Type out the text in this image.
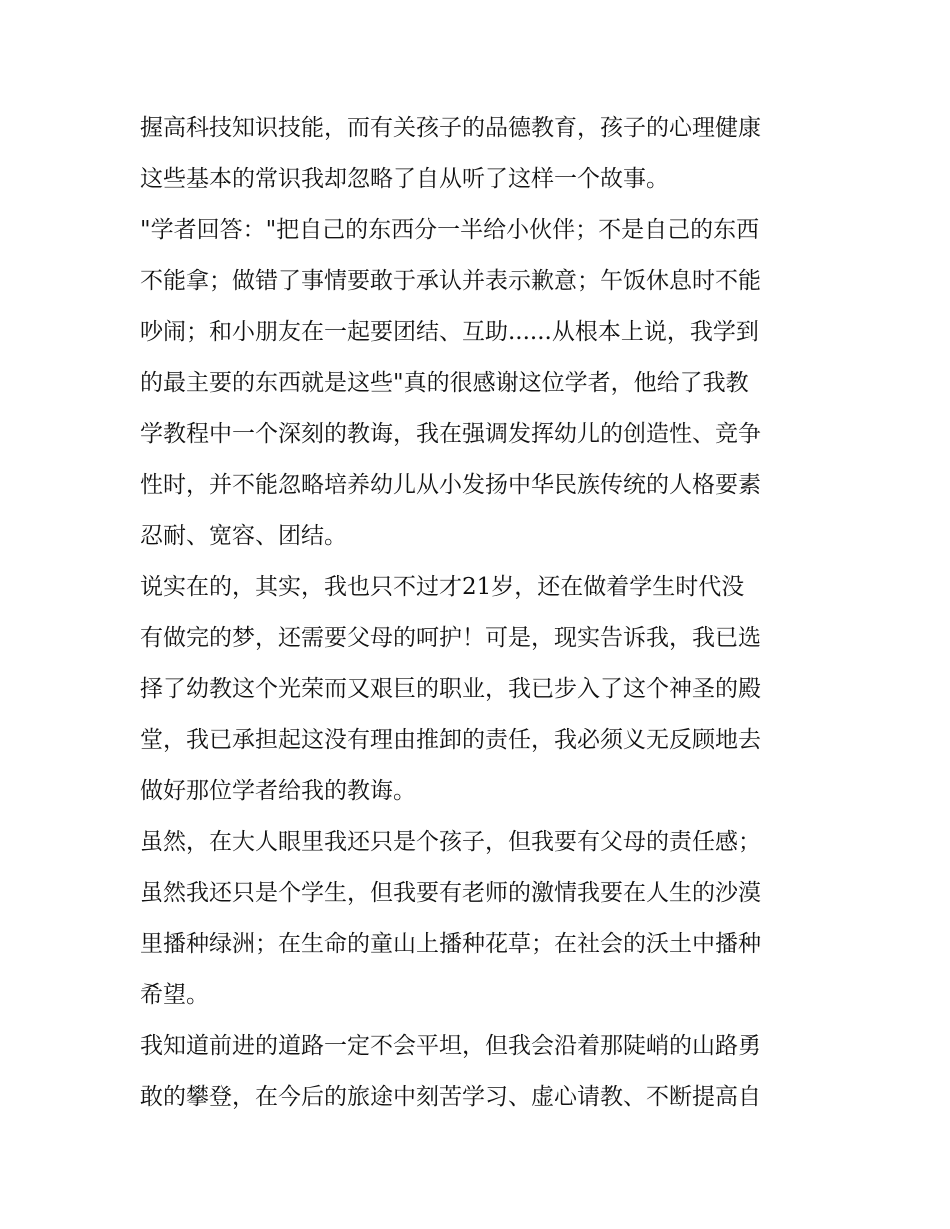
握高科技知识技能，而有关孩子的品德教育，孩子的心理健康
这些基本的常识我却忽略了自从听了这样一个故事。
"学者回答："把自己的东西分一半给小伙伴；不是自己的东西
不能拿；做错了事情要敢于承认并表示歉意；午饭休息时不能
吵闹；和小朋友在一起要团结、互助......从根本上说，我学到
的最主要的东西就是这些"真的很感谢这位学者，他给了我教
学教程中一个深刻的教诲，我在强调发挥幼儿的创造性、竞争
性时，并不能忽略培养幼儿从小发扬中华民族传统的人格要素
忍耐、宽容、团结。
说实在的，其实，我也只不过才21岁，还在做着学生时代没
有做完的梦，还需要父母的呵护！可是，现实告诉我，我已选
择了幼教这个光荣而又艰巨的职业，我已步入了这个神圣的殿
堂，我已承担起这没有理由推卸的责任，我必须义无反顾地去
做好那位学者给我的教诲。
虽然，在大人眼里我还只是个孩子，但我要有父母的责任感；
虽然我还只是个学生，但我要有老师的激情我要在人生的沙漠
里播种绿洲；在生命的童山上播种花草；在社会的沃土中播种
希望。
我知道前进的道路一定不会平坦，但我会沿着那陡峭的山路勇
敢的攀登，在今后的旅途中刻苦学习、虚心请教、不断提高自
